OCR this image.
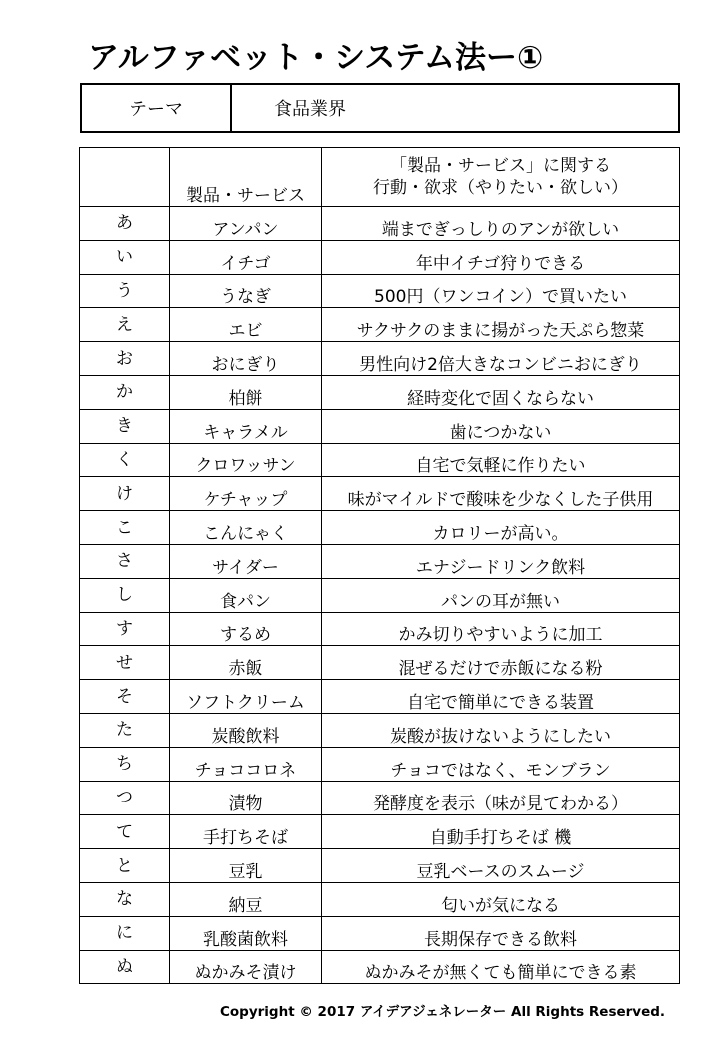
アルファベット・システム法ー①
テーマ	食品業界
	製品・サービス	「製品・サービス」に関する
行動・欲求（やりたい・欲しい）

あ	アンパン	端までぎっしりのアンが欲しい
い	イチゴ	年中イチゴ狩りできる
う	うなぎ	500円（ワンコイン）で買いたい
え	エビ	サクサクのままに揚がった天ぷら惣菜
お	おにぎり	男性向け2倍大きなコンビニおにぎり
か	柏餅	経時変化で固くならない
き	キャラメル	歯につかない
く	クロワッサン	自宅で気軽に作りたい
け	ケチャップ	味がマイルドで酸味を少なくした子供用
こ	こんにゃく	カロリーが高い。
さ	サイダー	エナジードリンク飲料
し	食パン	パンの耳が無い
す	するめ	かみ切りやすいように加工
せ	赤飯	混ぜるだけで赤飯になる粉
そ	ソフトクリーム	自宅で簡単にできる装置
た	炭酸飲料	炭酸が抜けないようにしたい
ち	チョココロネ	チョコではなく、モンブラン
つ	漬物	発酵度を表示（味が見てわかる）
て	手打ちそば	自動手打ちそば 機
と	豆乳	豆乳ベースのスムージ
な	納豆	匂いが気になる
に	乳酸菌飲料	長期保存できる飲料
ぬ	ぬかみそ漬け	ぬかみそが無くても簡単にできる素
Copyright © 2017 アイデアジェネレーター All Rights Reserved.
